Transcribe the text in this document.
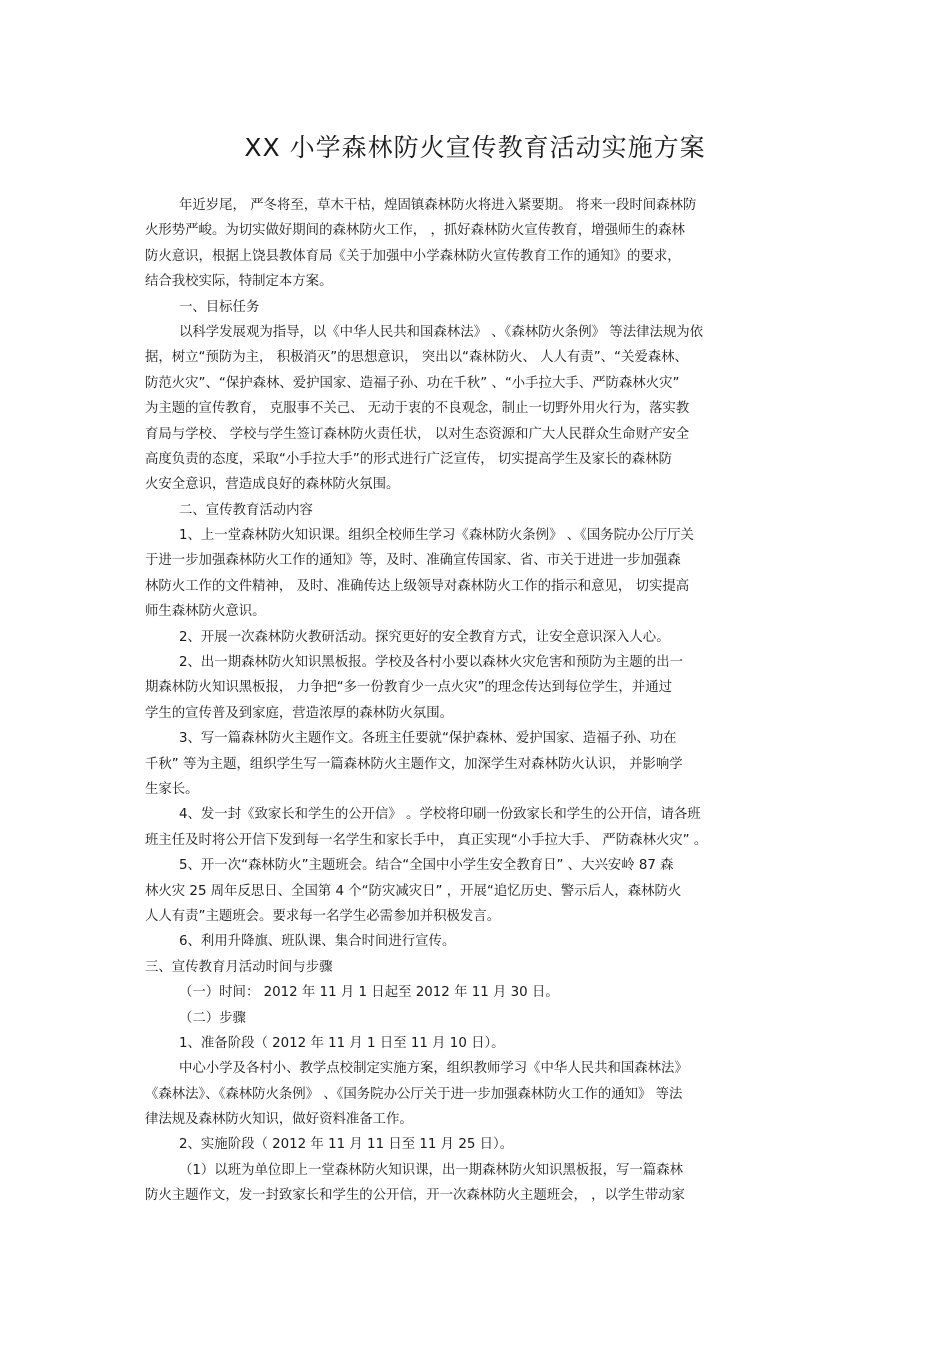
XX 小学森林防火宣传教育活动实施方案
年近岁尾， 严冬将至，草木干枯，煌固镇森林防火将进入紧要期。 将来一段时间森林防
火形势严峻。为切实做好期间的森林防火工作， ，抓好森林防火宣传教育，增强师生的森林
防火意识，根据上饶县教体育局《关于加强中小学森林防火宣传教育工作的通知》的要求，
结合我校实际，特制定本方案。
一、目标任务
以科学发展观为指导，以《中华人民共和国森林法》 、《森林防火条例》 等法律法规为依
据，树立“预防为主， 积极消灭”的思想意识， 突出以“森林防火、 人人有责”、“关爱森林、
防范火灾”、“保护森林、爱护国家、造福子孙、功在千秋” 、“小手拉大手、严防森林火灾”
为主题的宣传教育， 克服事不关己、 无动于衷的不良观念，制止一切野外用火行为，落实教
育局与学校、 学校与学生签订森林防火责任状， 以对生态资源和广大人民群众生命财产安全
高度负责的态度，采取“小手拉大手”的形式进行广泛宣传， 切实提高学生及家长的森林防
火安全意识，营造成良好的森林防火氛围。
二、宣传教育活动内容
1、上一堂森林防火知识课。组织全校师生学习《森林防火条例》 、《国务院办公厅厅关
于进一步加强森林防火工作的通知》等，及时、准确宣传国家、省、市关于进进一步加强森
林防火工作的文件精神， 及时、准确传达上级领导对森林防火工作的指示和意见， 切实提高
师生森林防火意识。
2、开展一次森林防火教研活动。探究更好的安全教育方式，让安全意识深入人心。
2、出一期森林防火知识黑板报。学校及各村小要以森林火灾危害和预防为主题的出一
期森林防火知识黑板报， 力争把“多一份教育少一点火灾”的理念传达到每位学生，并通过
学生的宣传普及到家庭，营造浓厚的森林防火氛围。
3、写一篇森林防火主题作文。各班主任要就“保护森林、爱护国家、造福子孙、功在
千秋” 等为主题，组织学生写一篇森林防火主题作文，加深学生对森林防火认识， 并影响学
生家长。
4、发一封《致家长和学生的公开信》 。学校将印刷一份致家长和学生的公开信，请各班
班主任及时将公开信下发到每一名学生和家长手中， 真正实现“小手拉大手、 严防森林火灾” 。
5、开一次“森林防火”主题班会。结合“全国中小学生安全教育日” 、大兴安岭 87 森
林火灾 25 周年反思日、全国第 4 个“防灾减灾日” ，开展“追忆历史、警示后人，森林防火
人人有责”主题班会。要求每一名学生必需参加并积极发言。
6、利用升降旗、班队课、集合时间进行宣传。
三、宣传教育月活动时间与步骤
（一）时间： 2012 年 11 月 1 日起至 2012 年 11 月 30 日。
（二）步骤
1、准备阶段（ 2012 年 11 月 1 日至 11 月 10 日）。
中心小学及各村小、教学点校制定实施方案，组织教师学习《中华人民共和国森林法》
《森林法》、《森林防火条例》 、《国务院办公厅关于进一步加强森林防火工作的通知》 等法
律法规及森林防火知识，做好资料准备工作。
2、实施阶段（ 2012 年 11 月 11 日至 11 月 25 日）。
（1）以班为单位即上一堂森林防火知识课，出一期森林防火知识黑板报，写一篇森林
防火主题作文，发一封致家长和学生的公开信，开一次森林防火主题班会， ，以学生带动家
